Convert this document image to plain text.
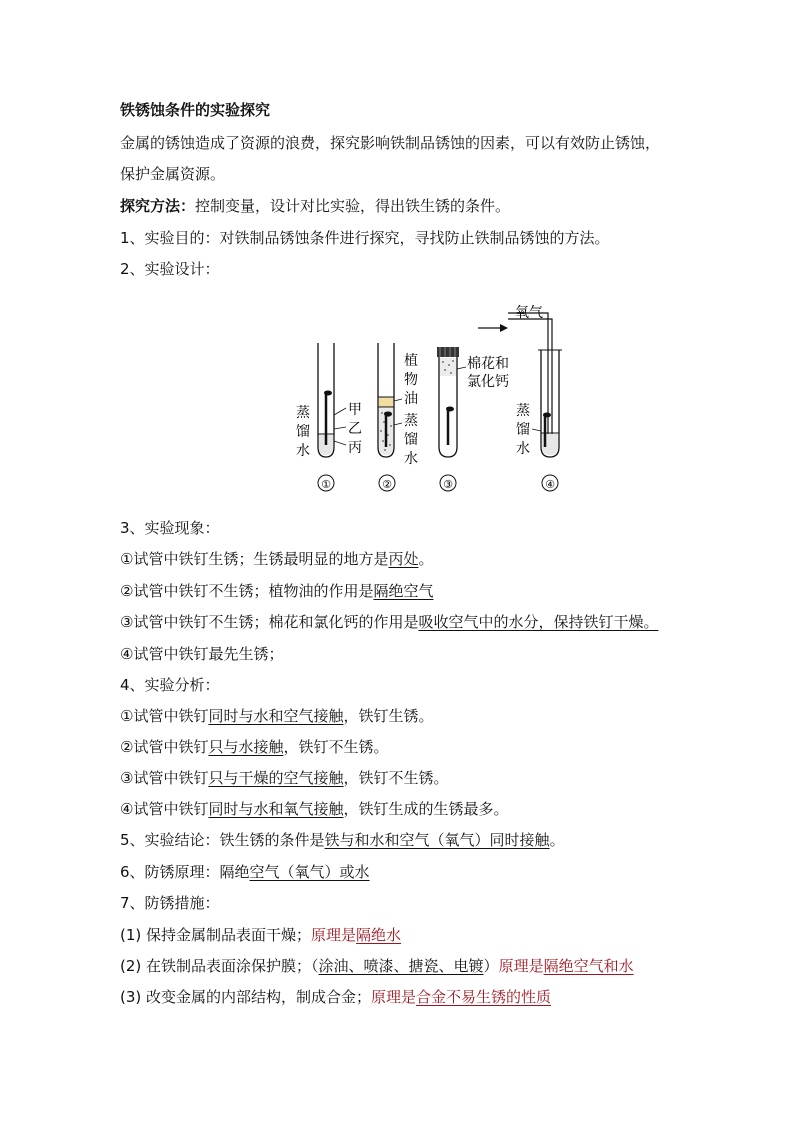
铁锈蚀条件的实验探究
金属的锈蚀造成了资源的浪费，探究影响铁制品锈蚀的因素，可以有效防止锈蚀，
保护金属资源。
探究方法：控制变量，设计对比实验，得出铁生锈的条件。
1、实验目的：对铁制品锈蚀条件进行探究，寻找防止铁制品锈蚀的方法。
2、实验设计：
氧气
蒸
馏
水
甲
乙
丙
①
植
物
油
蒸
馏
水
②
棉花和
氯化钙
③
蒸
馏
水
④
3、实验现象：
①试管中铁钉生锈；生锈最明显的地方是丙处。
②试管中铁钉不生锈；植物油的作用是隔绝空气
③试管中铁钉不生锈；棉花和氯化钙的作用是吸收空气中的水分，保持铁钉干燥。
④试管中铁钉最先生锈；
4、实验分析：
①试管中铁钉同时与水和空气接触，铁钉生锈。
②试管中铁钉只与水接触，铁钉不生锈。
③试管中铁钉只与干燥的空气接触，铁钉不生锈。
④试管中铁钉同时与水和氧气接触，铁钉生成的生锈最多。
5、实验结论：铁生锈的条件是铁与和水和空气（氧气）同时接触。
6、防锈原理：隔绝空气（氧气）或水
7、防锈措施：
(1) 保持金属制品表面干燥；原理是隔绝水
(2) 在铁制品表面涂保护膜；（涂油、喷漆、搪瓷、电镀）原理是隔绝空气和水
(3) 改变金属的内部结构，制成合金；原理是合金不易生锈的性质
